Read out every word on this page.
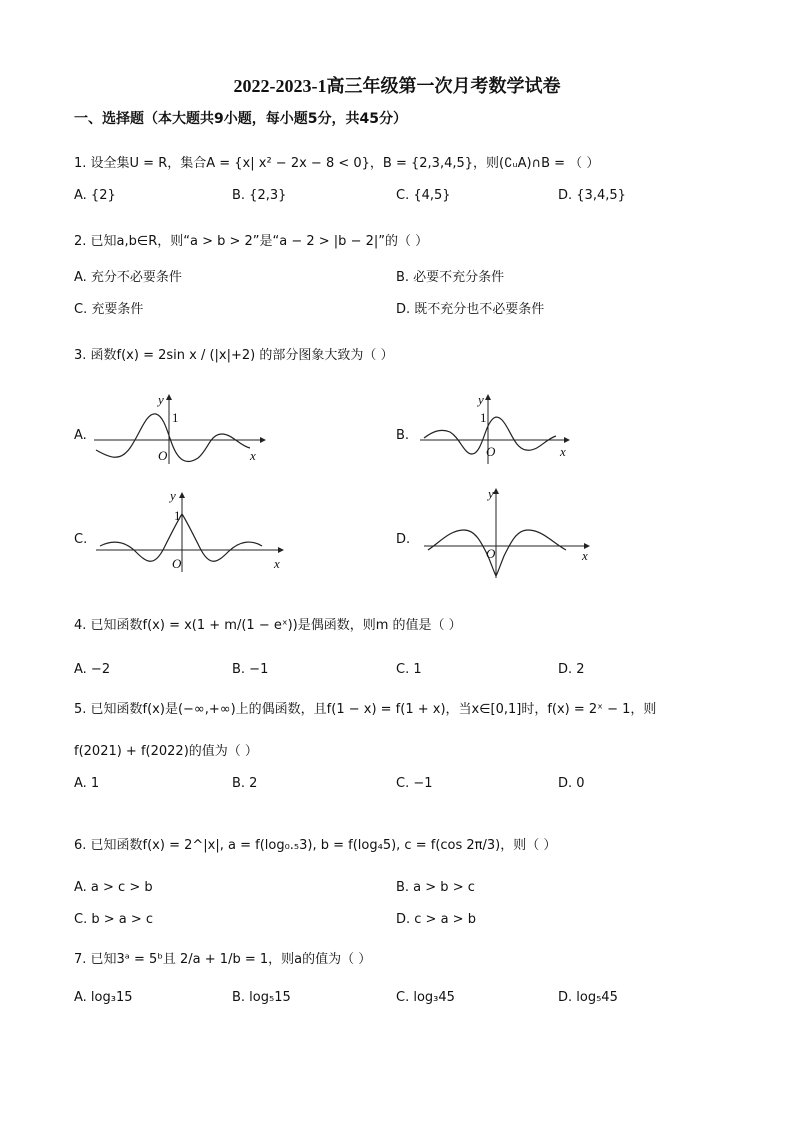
2022-2023-1高三年级第一次月考数学试卷
一、选择题（本大题共9小题，每小题5分，共45分）
1. 设全集U = R，集合A = {x| x² − 2x − 8 < 0}，B = {2,3,4,5}，则(∁ᵤA)∩B = （ ）
A. {2}	B. {2,3}	C. {4,5}	D. {3,4,5}
2. 已知a,b∈R，则“a > b > 2”是“a − 2 > |b − 2|”的（ ）
A. 充分不必要条件	B. 必要不充分条件
C. 充要条件	D. 既不充分也不必要条件
3. 函数f(x) = 2sin x / (|x|+2) 的部分图象大致为（ ）
A.
y
1
O	x
B.
y
1
O	x
C.
y
1
O	x
D.
y
O	x
4. 已知函数f(x) = x(1 + m/(1 − eˣ))是偶函数，则m 的值是（ ）
A. −2	B. −1	C. 1	D. 2
5. 已知函数f(x)是(−∞,+∞)上的偶函数，且f(1 − x) = f(1 + x)，当x∈[0,1]时，f(x) = 2ˣ − 1，则
f(2021) + f(2022)的值为（ ）
A. 1	B. 2	C. −1	D. 0
6. 已知函数f(x) = 2^|x|, a = f(log₀.₅3), b = f(log₄5), c = f(cos 2π/3)，则（ ）
A. a > c > b	B. a > b > c
C. b > a > c	D. c > a > b
7. 已知3ᵃ = 5ᵇ且 2/a + 1/b = 1，则a的值为（ ）
A. log₃15	B. log₅15	C. log₃45	D. log₅45
